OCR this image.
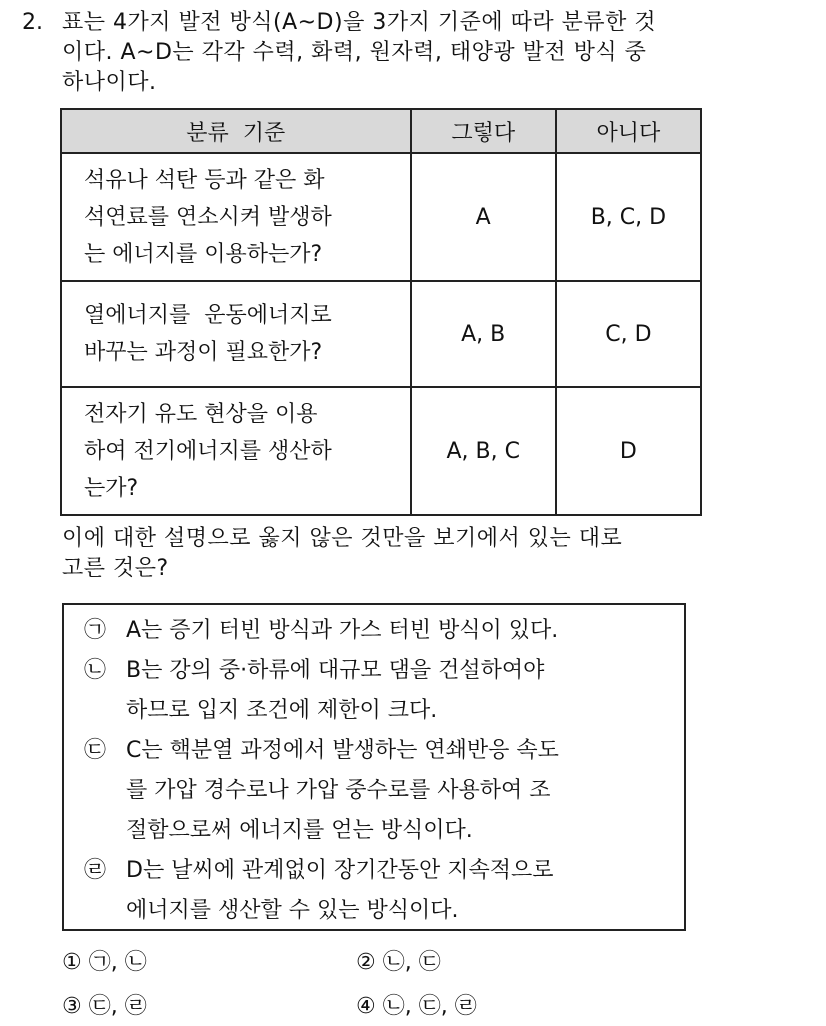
2. 표는 4가지 발전 방식(A~D)을 3가지 기준에 따라 분류한 것
이다. A~D는 각각 수력, 화력, 원자력, 태양광 발전 방식 중
하나이다.
분류  기준	그렇다	아니다

석유나 석탄 등과 같은 화
석연료를 연소시켜 발생하
는 에너지를 이용하는가?	A	B, C, D

열에너지를  운동에너지로
바꾸는 과정이 필요한가?	A, B	C, D

전자기 유도 현상을 이용
하여 전기에너지를 생산하
는가?	A, B, C	D
이에 대한 설명으로 옳지 않은 것만을 보기에서 있는 대로
고른 것은?
㉠ A는 증기 터빈 방식과 가스 터빈 방식이 있다.
㉡ B는 강의 중·하류에 대규모 댐을 건설하여야
하므로 입지 조건에 제한이 크다.
㉢ C는 핵분열 과정에서 발생하는 연쇄반응 속도
를 가압 경수로나 가압 중수로를 사용하여 조
절함으로써 에너지를 얻는 방식이다.
㉣ D는 날씨에 관계없이 장기간동안 지속적으로
에너지를 생산할 수 있는 방식이다.
① ㉠, ㉡	② ㉡, ㉢
③ ㉢, ㉣	④ ㉡, ㉢, ㉣
